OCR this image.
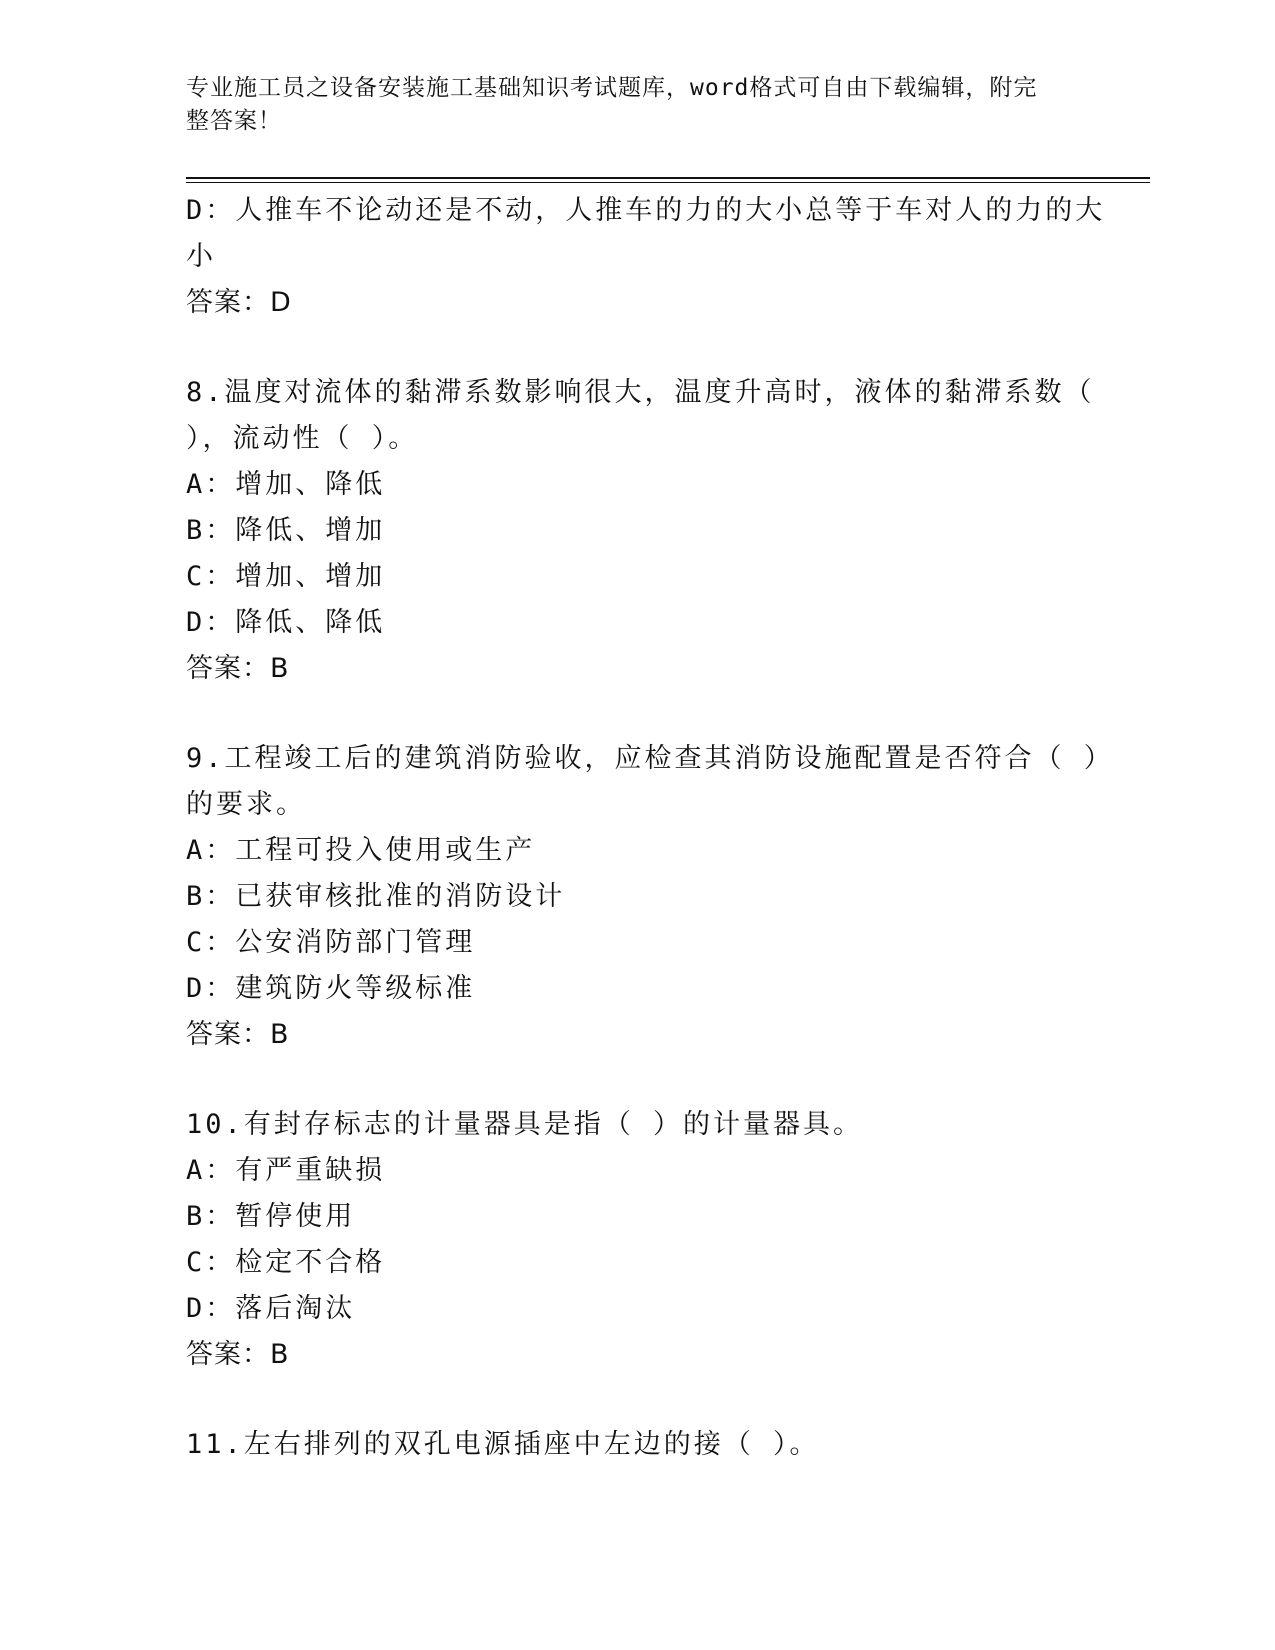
专业施工员之设备安装施工基础知识考试题库，word格式可自由下载编辑，附完
整答案！
D：人推车不论动还是不动，人推车的力的大小总等于车对人的力的大
小
答案：D
8.温度对流体的黏滞系数影响很大，温度升高时，液体的黏滞系数（
），流动性（ ）。
A：增加、降低
B：降低、增加
C：增加、增加
D：降低、降低
答案：B
9.工程竣工后的建筑消防验收，应检查其消防设施配置是否符合（ ）
的要求。
A：工程可投入使用或生产
B：已获审核批准的消防设计
C：公安消防部门管理
D：建筑防火等级标准
答案：B
10.有封存标志的计量器具是指（ ）的计量器具。
A：有严重缺损
B：暂停使用
C：检定不合格
D：落后淘汰
答案：B
11.左右排列的双孔电源插座中左边的接（ ）。
